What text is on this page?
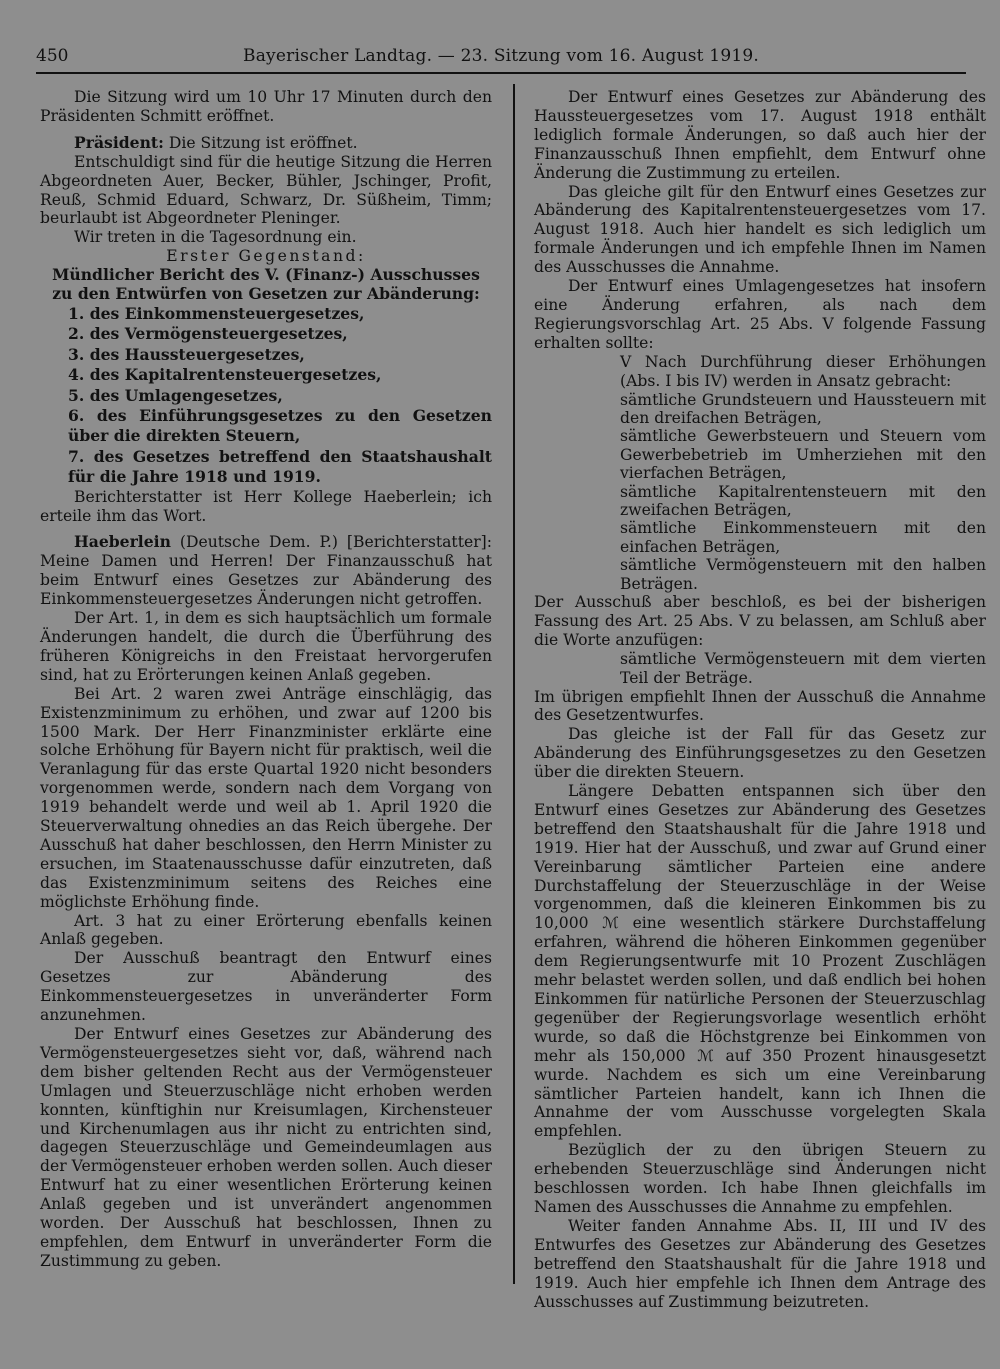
450	Bayerischer Landtag. — 23. Sitzung vom 16. August 1919.

Die Sitzung wird um 10 Uhr 17 Minuten durch den Präsidenten Schmitt eröffnet.

Präsident: Die Sitzung ist eröffnet.

Entschuldigt sind für die heutige Sitzung die Herren Abgeordneten Auer, Becker, Bühler, Jschinger, Profit, Reuß, Schmid Eduard, Schwarz, Dr. Süßheim, Timm; beurlaubt ist Abgeordneter Pleninger.

Wir treten in die Tagesordnung ein.

Erster Gegenstand:

Mündlicher Bericht des V. (Finanz-) Ausschusses zu den Entwürfen von Gesetzen zur Abänderung:

1. des Einkommensteuergesetzes,
2. des Vermögensteuergesetzes,
3. des Haussteuergesetzes,
4. des Kapitalrentensteuergesetzes,
5. des Umlagengesetzes,
6. des Einführungsgesetzes zu den Gesetzen über die direkten Steuern,
7. des Gesetzes betreffend den Staatshaushalt für die Jahre 1918 und 1919.

Berichterstatter ist Herr Kollege Haeberlein; ich erteile ihm das Wort.

Haeberlein (Deutsche Dem. P.) [Berichterstatter]: Meine Damen und Herren! Der Finanzausschuß hat beim Entwurf eines Gesetzes zur Abänderung des Einkommensteuergesetzes Änderungen nicht getroffen.

Der Art. 1, in dem es sich hauptsächlich um formale Änderungen handelt, die durch die Überführung des früheren Königreichs in den Freistaat hervorgerufen sind, hat zu Erörterungen keinen Anlaß gegeben.

Bei Art. 2 waren zwei Anträge einschlägig, das Existenzminimum zu erhöhen, und zwar auf 1200 bis 1500 Mark. Der Herr Finanzminister erklärte eine solche Erhöhung für Bayern nicht für praktisch, weil die Veranlagung für das erste Quartal 1920 nicht besonders vorgenommen werde, sondern nach dem Vorgang von 1919 behandelt werde und weil ab 1. April 1920 die Steuerverwaltung ohnedies an das Reich übergehe. Der Ausschuß hat daher beschlossen, den Herrn Minister zu ersuchen, im Staatenausschusse dafür einzutreten, daß das Existenzminimum seitens des Reiches eine möglichste Erhöhung finde.

Art. 3 hat zu einer Erörterung ebenfalls keinen Anlaß gegeben.

Der Ausschuß beantragt den Entwurf eines Gesetzes zur Abänderung des Einkommensteuergesetzes in unveränderter Form anzunehmen.

Der Entwurf eines Gesetzes zur Abänderung des Vermögensteuergesetzes sieht vor, daß, während nach dem bisher geltenden Recht aus der Vermögensteuer Umlagen und Steuerzuschläge nicht erhoben werden konnten, künftighin nur Kreisumlagen, Kirchensteuer und Kirchenumlagen aus ihr nicht zu entrichten sind, dagegen Steuerzuschläge und Gemeindeumlagen aus der Vermögensteuer erhoben werden sollen. Auch dieser Entwurf hat zu einer wesentlichen Erörterung keinen Anlaß gegeben und ist unverändert angenommen worden. Der Ausschuß hat beschlossen, Ihnen zu empfehlen, dem Entwurf in unveränderter Form die Zustimmung zu geben.

Der Entwurf eines Gesetzes zur Abänderung des Haussteuergesetzes vom 17. August 1918 enthält lediglich formale Änderungen, so daß auch hier der Finanzausschuß Ihnen empfiehlt, dem Entwurf ohne Änderung die Zustimmung zu erteilen.

Das gleiche gilt für den Entwurf eines Gesetzes zur Abänderung des Kapitalrentensteuergesetzes vom 17. August 1918. Auch hier handelt es sich lediglich um formale Änderungen und ich empfehle Ihnen im Namen des Ausschusses die Annahme.

Der Entwurf eines Umlagengesetzes hat insofern eine Änderung erfahren, als nach dem Regierungsvorschlag Art. 25 Abs. V folgende Fassung erhalten sollte:

V Nach Durchführung dieser Erhöhungen (Abs. I bis IV) werden in Ansatz gebracht:

sämtliche Grundsteuern und Haussteuern mit den dreifachen Beträgen,

sämtliche Gewerbsteuern und Steuern vom Gewerbebetrieb im Umherziehen mit den vierfachen Beträgen,

sämtliche Kapitalrentensteuern mit den zweifachen Beträgen,

sämtliche Einkommensteuern mit den einfachen Beträgen,

sämtliche Vermögensteuern mit den halben Beträgen.

Der Ausschuß aber beschloß, es bei der bisherigen Fassung des Art. 25 Abs. V zu belassen, am Schluß aber die Worte anzufügen:

sämtliche Vermögensteuern mit dem vierten Teil der Beträge.

Im übrigen empfiehlt Ihnen der Ausschuß die Annahme des Gesetzentwurfes.

Das gleiche ist der Fall für das Gesetz zur Abänderung des Einführungsgesetzes zu den Gesetzen über die direkten Steuern.

Längere Debatten entspannen sich über den Entwurf eines Gesetzes zur Abänderung des Gesetzes betreffend den Staatshaushalt für die Jahre 1918 und 1919. Hier hat der Ausschuß, und zwar auf Grund einer Vereinbarung sämtlicher Parteien eine andere Durchstaffelung der Steuerzuschläge in der Weise vorgenommen, daß die kleineren Einkommen bis zu 10,000 ℳ eine wesentlich stärkere Durchstaffelung erfahren, während die höheren Einkommen gegenüber dem Regierungsentwurfe mit 10 Prozent Zuschlägen mehr belastet werden sollen, und daß endlich bei hohen Einkommen für natürliche Personen der Steuerzuschlag gegenüber der Regierungsvorlage wesentlich erhöht wurde, so daß die Höchstgrenze bei Einkommen von mehr als 150,000 ℳ auf 350 Prozent hinausgesetzt wurde. Nachdem es sich um eine Vereinbarung sämtlicher Parteien handelt, kann ich Ihnen die Annahme der vom Ausschusse vorgelegten Skala empfehlen.

Bezüglich der zu den übrigen Steuern zu erhebenden Steuerzuschläge sind Änderungen nicht beschlossen worden. Ich habe Ihnen gleichfalls im Namen des Ausschusses die Annahme zu empfehlen.

Weiter fanden Annahme Abs. II, III und IV des Entwurfes des Gesetzes zur Abänderung des Gesetzes betreffend den Staatshaushalt für die Jahre 1918 und 1919. Auch hier empfehle ich Ihnen dem Antrage des Ausschusses auf Zustimmung beizutreten.
